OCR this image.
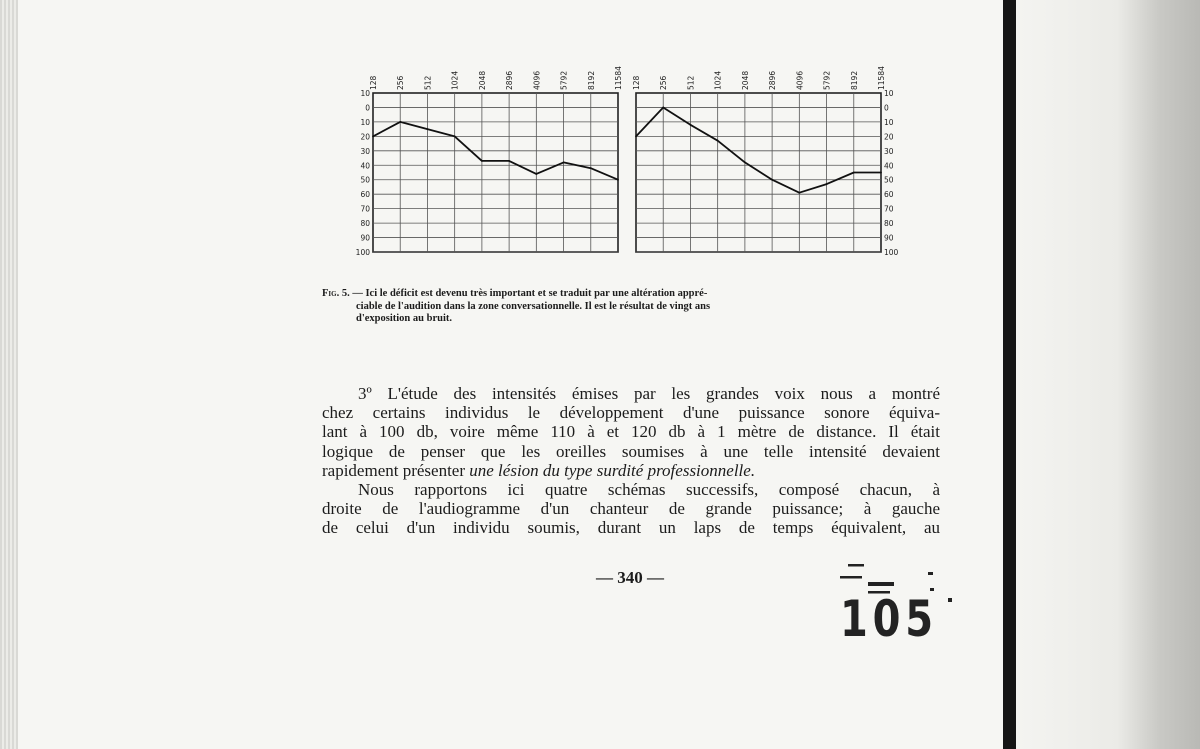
10
0
10
20
30
40
50
60
70
80
90
100
128 256 512 1024 2048 2896 4096 5792 8192 11584
10
0
10
20
30
40
50
60
70
80
90
100
128 256 512 1024 2048 2896 4096 5792 8192 11584
Fig. 5. — Ici le déficit est devenu très important et se traduit par une altération appré-
ciable de l'audition dans la zone conversationnelle. Il est le résultat de vingt ans
d'exposition au bruit.
3º L'étude des intensités émises par les grandes voix nous a montré
chez certains individus le développement d'une puissance sonore équiva-
lant à 100 db, voire même 110 à et 120 db à 1 mètre de distance. Il était
logique de penser que les oreilles soumises à une telle intensité devaient
rapidement présenter une lésion du type surdité professionnelle.
Nous rapportons ici quatre schémas successifs, composé chacun, à
droite de l'audiogramme d'un chanteur de grande puissance; à gauche
de celui d'un individu soumis, durant un laps de temps équivalent, au
— 340 —
105
